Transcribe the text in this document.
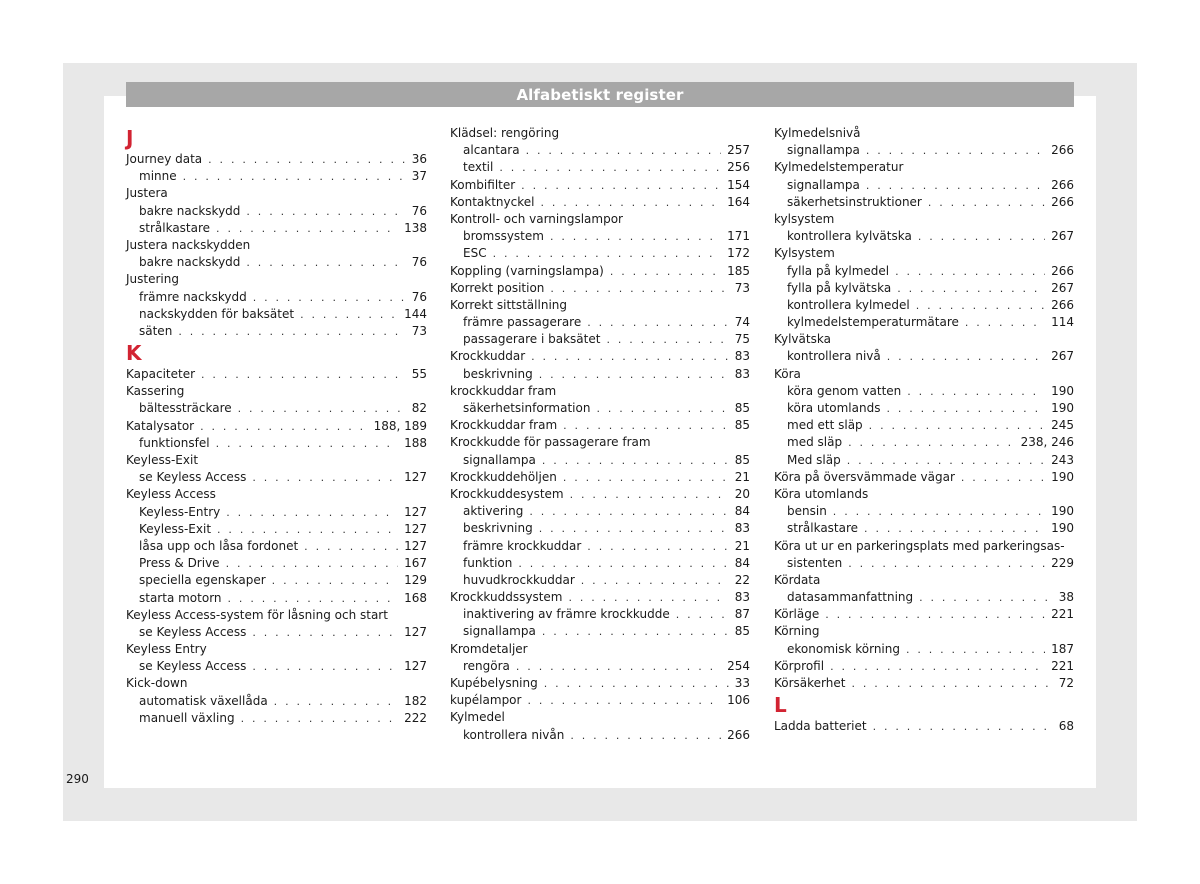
Alfabetiskt register
J
Journey data . . .	36
minne . . .	37
Justera
bakre nackskydd . . .	76
strålkastare . . .	138
Justera nackskydden
bakre nackskydd . . .	76
Justering
främre nackskydd . . .	76
nackskydden för baksätet . . .	144
säten . . .	73
K
Kapaciteter . . .	55
Kassering
bältessträckare . . .	82
Katalysator . . .	188, 189
funktionsfel . . .	188
Keyless-Exit
se Keyless Access . . .	127
Keyless Access
Keyless-Entry . . .	127
Keyless-Exit . . .	127
låsa upp och låsa fordonet . . .	127
Press & Drive . . .	167
speciella egenskaper . . .	129
starta motorn . . .	168
Keyless Access-system för låsning och start
se Keyless Access . . .	127
Keyless Entry
se Keyless Access . . .	127
Kick-down
automatisk växellåda . . .	182
manuell växling . . .	222
Klädsel: rengöring
alcantara . . .	257
textil . . .	256
Kombifilter . . .	154
Kontaktnyckel . . .	164
Kontroll- och varningslampor
bromssystem . . .	171
ESC . . .	172
Koppling (varningslampa) . . .	185
Korrekt position . . .	73
Korrekt sittställning
främre passagerare . . .	74
passagerare i baksätet . . .	75
Krockkuddar . . .	83
beskrivning . . .	83
krockkuddar fram
säkerhetsinformation . . .	85
Krockkuddar fram . . .	85
Krockkudde för passagerare fram
signallampa . . .	85
Krockkuddehöljen . . .	21
Krockkuddesystem . . .	20
aktivering . . .	84
beskrivning . . .	83
främre krockkuddar . . .	21
funktion . . .	84
huvudkrockkuddar . . .	22
Krockkuddssystem . . .	83
inaktivering av främre krockkudde . . .	87
signallampa . . .	85
Kromdetaljer
rengöra . . .	254
Kupébelysning . . .	33
kupélampor . . .	106
Kylmedel
kontrollera nivån . . .	266
Kylmedelsnivå
signallampa . . .	266
Kylmedelstemperatur
signallampa . . .	266
säkerhetsinstruktioner . . .	266
kylsystem
kontrollera kylvätska . . .	267
Kylsystem
fylla på kylmedel . . .	266
fylla på kylvätska . . .	267
kontrollera kylmedel . . .	266
kylmedelstemperaturmätare . . .	114
Kylvätska
kontrollera nivå . . .	267
Köra
köra genom vatten . . .	190
köra utomlands . . .	190
med ett släp . . .	245
med släp . . .	238, 246
Med släp . . .	243
Köra på översvämmade vägar . . .	190
Köra utomlands
bensin . . .	190
strålkastare . . .	190
Köra ut ur en parkeringsplats med parkeringsas-
sistenten . . .	229
Kördata
datasammanfattning . . .	38
Körläge . . .	221
Körning
ekonomisk körning . . .	187
Körprofil . . .	221
Körsäkerhet . . .	72
L
Ladda batteriet . . .	68
290
